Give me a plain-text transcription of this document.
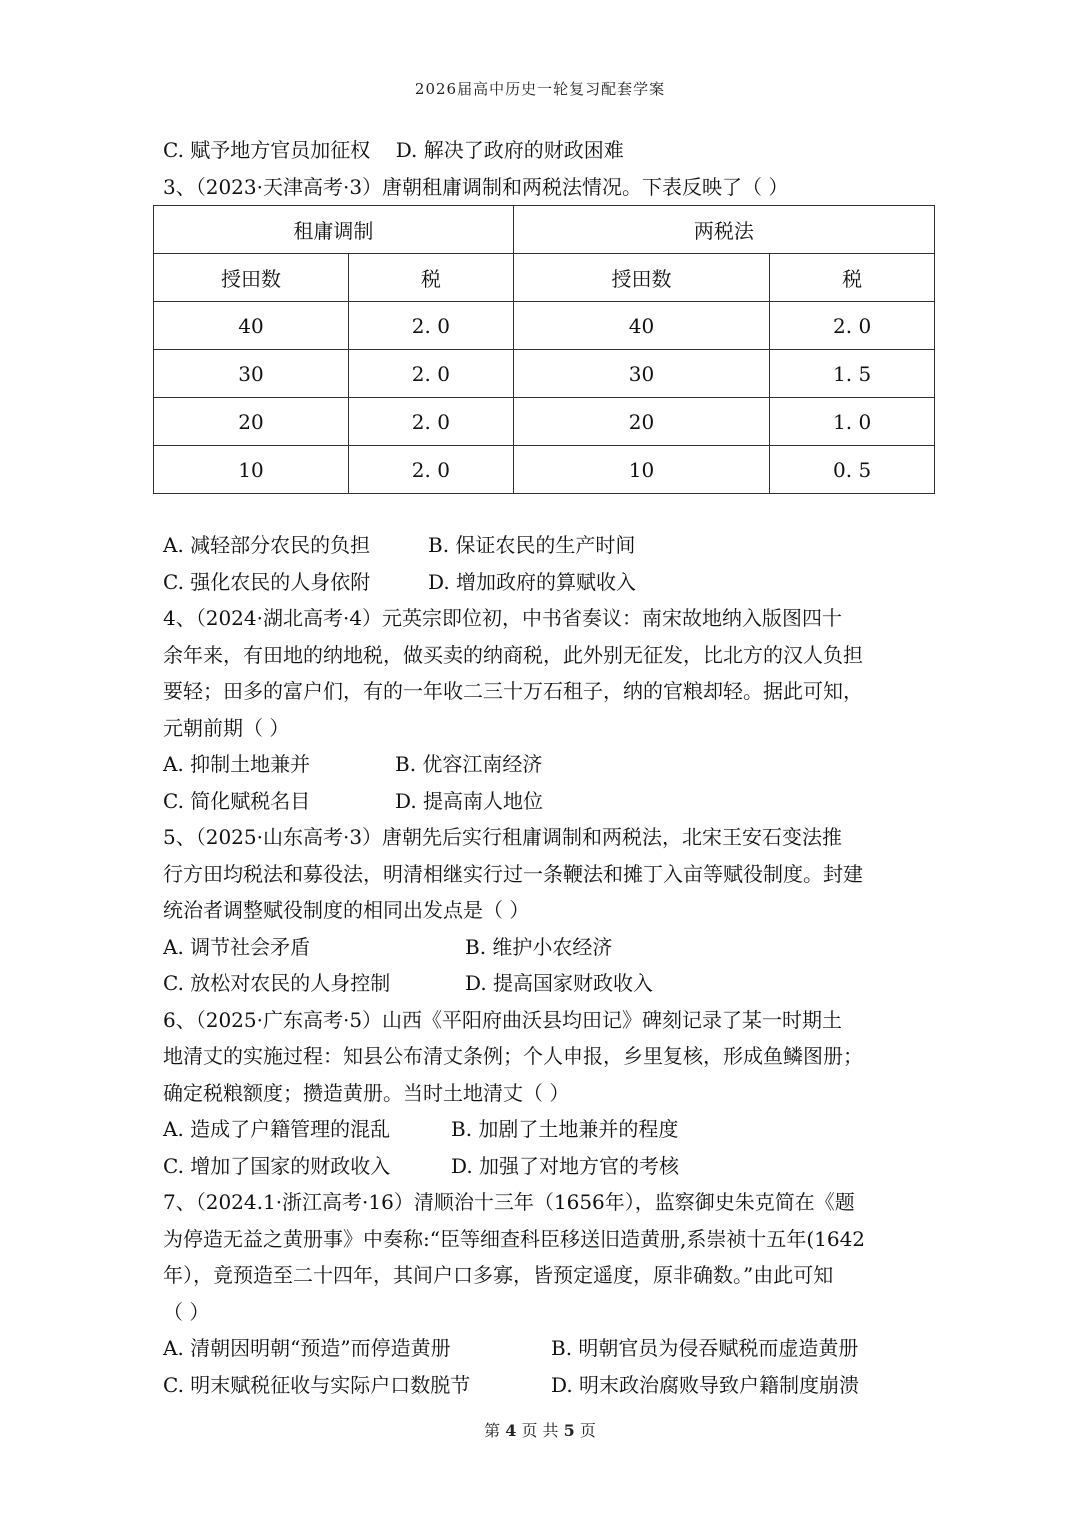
2026届高中历史一轮复习配套学案
C. 赋予地方官员加征权    D. 解决了政府的财政困难
3、（2023·天津高考·3）唐朝租庸调制和两税法情况。下表反映了（ ）
A. 减轻部分农民的负担	B. 保证农民的生产时间
C. 强化农民的人身依附	D. 增加政府的算赋收入
4、（2024·湖北高考·4）元英宗即位初，中书省奏议：南宋故地纳入版图四十
余年来，有田地的纳地税，做买卖的纳商税，此外别无征发，比北方的汉人负担
要轻；田多的富户们，有的一年收二三十万石租子，纳的官粮却轻。据此可知，
元朝前期（ ）
A. 抑制土地兼并	B. 优容江南经济
C. 简化赋税名目	D. 提高南人地位
5、（2025·山东高考·3）唐朝先后实行租庸调制和两税法，北宋王安石变法推
行方田均税法和募役法，明清相继实行过一条鞭法和摊丁入亩等赋役制度。封建
统治者调整赋役制度的相同出发点是（ ）
A. 调节社会矛盾	B. 维护小农经济
C. 放松对农民的人身控制	D. 提高国家财政收入
6、（2025·广东高考·5）山西《平阳府曲沃县均田记》碑刻记录了某一时期土
地清丈的实施过程：知县公布清丈条例；个人申报，乡里复核，形成鱼鳞图册；
确定税粮额度；攒造黄册。当时土地清丈（ ）
A. 造成了户籍管理的混乱	B. 加剧了土地兼并的程度
C. 增加了国家的财政收入	D. 加强了对地方官的考核
7、（2024.1·浙江高考·16）清顺治十三年（1656年），监察御史朱克简在《题
为停造无益之黄册事》中奏称:“臣等细查科臣移送旧造黄册,系崇祯十五年(1642
年），竟预造至二十四年，其间户口多寡，皆预定遥度，原非确数。”由此可知
（ ）
A. 清朝因明朝“预造”而停造黄册	B. 明朝官员为侵吞赋税而虚造黄册
C. 明末赋税征收与实际户口数脱节	D. 明末政治腐败导致户籍制度崩溃
租庸调制		两税法	
授田数	税	授田数	税
40	2. 0	40	2. 0
30	2. 0	30	1. 5
20	2. 0	20	1. 0
10	2. 0	10	0. 5
第 4 页 共 5 页
